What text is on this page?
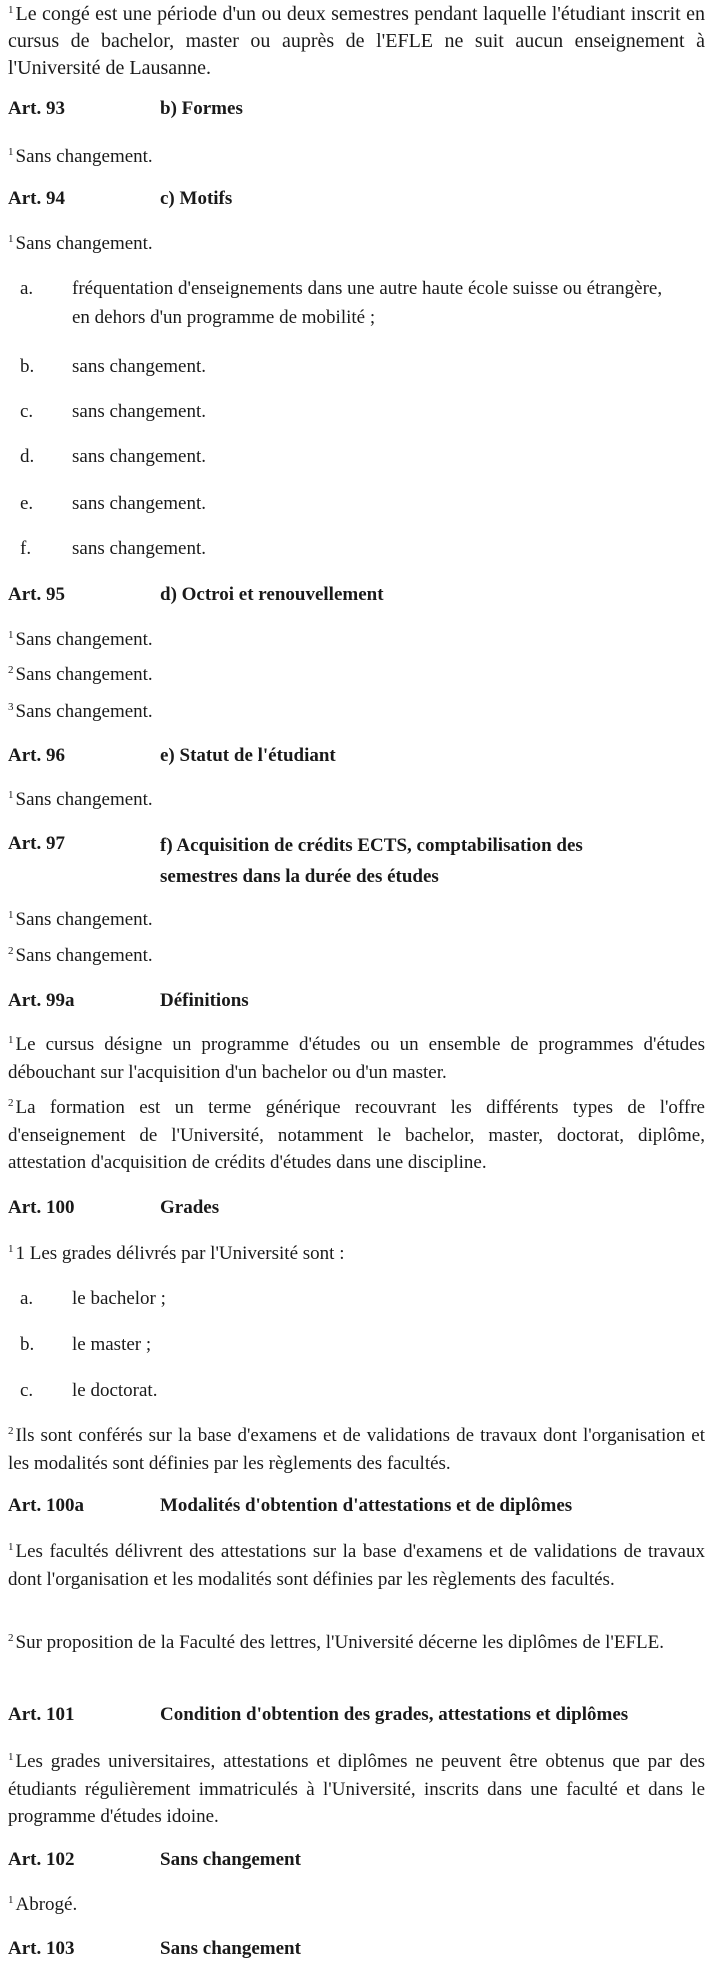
$^1$ Le congé est une période d'un ou deux semestres pendant laquelle l'étudiant inscrit en cursus de bachelor, master ou auprès de l'EFLE ne suit aucun enseignement à l'Université de Lausanne.
Art. 93	b) Formes
$^1$ Sans changement.
Art. 94	c) Motifs
$^1$ Sans changement.
a. fréquentation d'enseignements dans une autre haute école suisse ou étrangère, en dehors d'un programme de mobilité ;
b. sans changement.
c. sans changement.
d. sans changement.
e. sans changement.
f. sans changement.
Art. 95	d) Octroi et renouvellement
$^1$ Sans changement.
$^2$ Sans changement.
$^3$ Sans changement.
Art. 96	e) Statut de l'étudiant
$^1$ Sans changement.
Art. 97	f) Acquisition de crédits ECTS, comptabilisation des semestres dans la durée des études
$^1$ Sans changement.
$^2$ Sans changement.
Art. 99a	Définitions
$^1$ Le cursus désigne un programme d'études ou un ensemble de programmes d'études débouchant sur l'acquisition d'un bachelor ou d'un master.
$^2$ La formation est un terme générique recouvrant les différents types de l'offre d'enseignement de l'Université, notamment le bachelor, master, doctorat, diplôme, attestation d'acquisition de crédits d'études dans une discipline.
Art. 100	Grades
$^1$ 1 Les grades délivrés par l'Université sont :
a. le bachelor ;
b. le master ;
c. le doctorat.
$^2$ Ils sont conférés sur la base d'examens et de validations de travaux dont l'organisation et les modalités sont définies par les règlements des facultés.
Art. 100a	Modalités d'obtention d'attestations et de diplômes
$^1$ Les facultés délivrent des attestations sur la base d'examens et de validations de travaux dont l'organisation et les modalités sont définies par les règlements des facultés.
$^2$ Sur proposition de la Faculté des lettres, l'Université décerne les diplômes de l'EFLE.
Art. 101	Condition d'obtention des grades, attestations et diplômes
$^1$ Les grades universitaires, attestations et diplômes ne peuvent être obtenus que par des étudiants régulièrement immatriculés à l'Université, inscrits dans une faculté et dans le programme d'études idoine.
Art. 102	Sans changement
$^1$ Abrogé.
Art. 103	Sans changement
